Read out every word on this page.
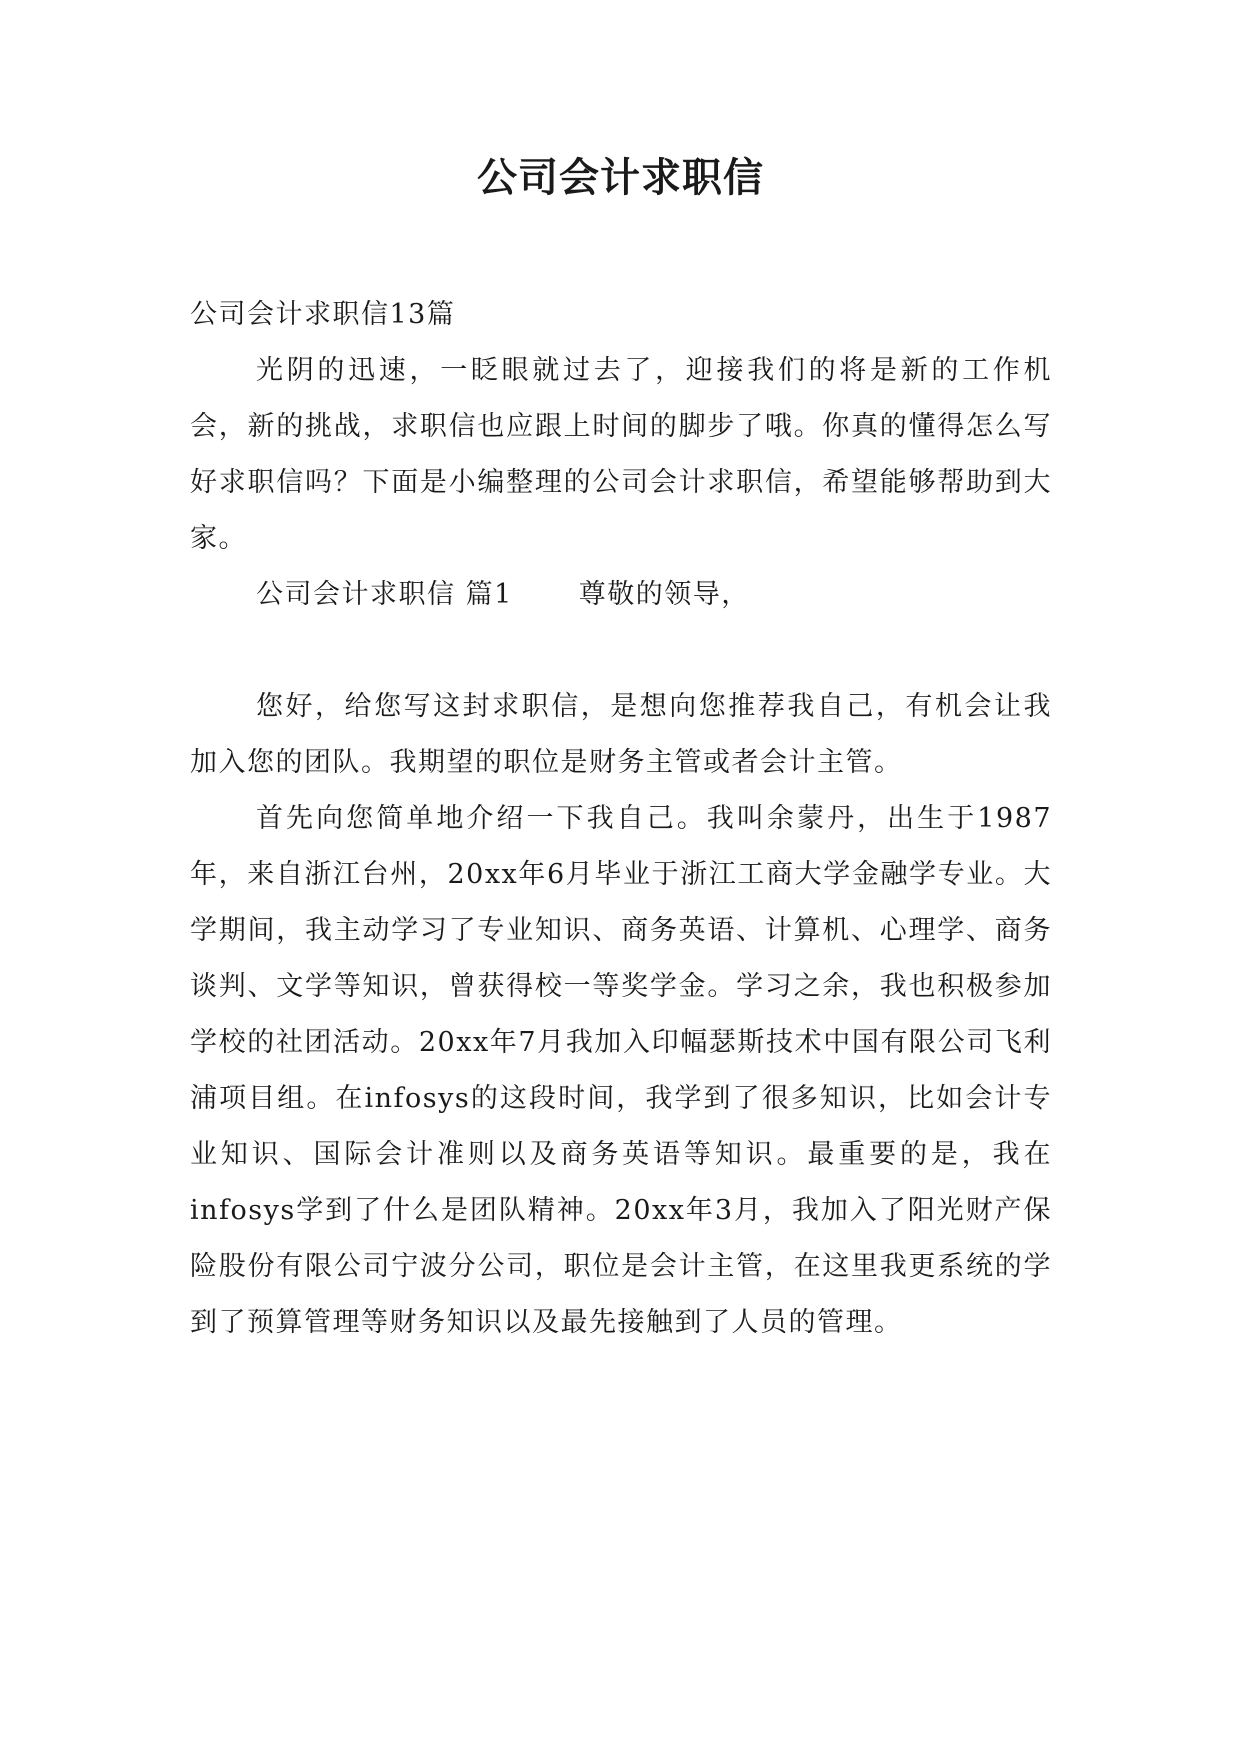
公司会计求职信

公司会计求职信13篇

光阴的迅速，一眨眼就过去了，迎接我们的将是新的工作机会，新的挑战，求职信也应跟上时间的脚步了哦。你真的懂得怎么写好求职信吗？下面是小编整理的公司会计求职信，希望能够帮助到大家。

公司会计求职信 篇1 尊敬的领导，

您好，给您写这封求职信，是想向您推荐我自己，有机会让我加入您的团队。我期望的职位是财务主管或者会计主管。

首先向您简单地介绍一下我自己。我叫余蒙丹，出生于1987年，来自浙江台州，20xx年6月毕业于浙江工商大学金融学专业。大学期间，我主动学习了专业知识、商务英语、计算机、心理学、商务谈判、文学等知识，曾获得校一等奖学金。学习之余，我也积极参加学校的社团活动。20xx年7月我加入印幅瑟斯技术中国有限公司飞利浦项目组。在infosys的这段时间，我学到了很多知识，比如会计专业知识、国际会计准则以及商务英语等知识。最重要的是，我在infosys学到了什么是团队精神。20xx年3月，我加入了阳光财产保险股份有限公司宁波分公司，职位是会计主管，在这里我更系统的学到了预算管理等财务知识以及最先接触到了人员的管理。
